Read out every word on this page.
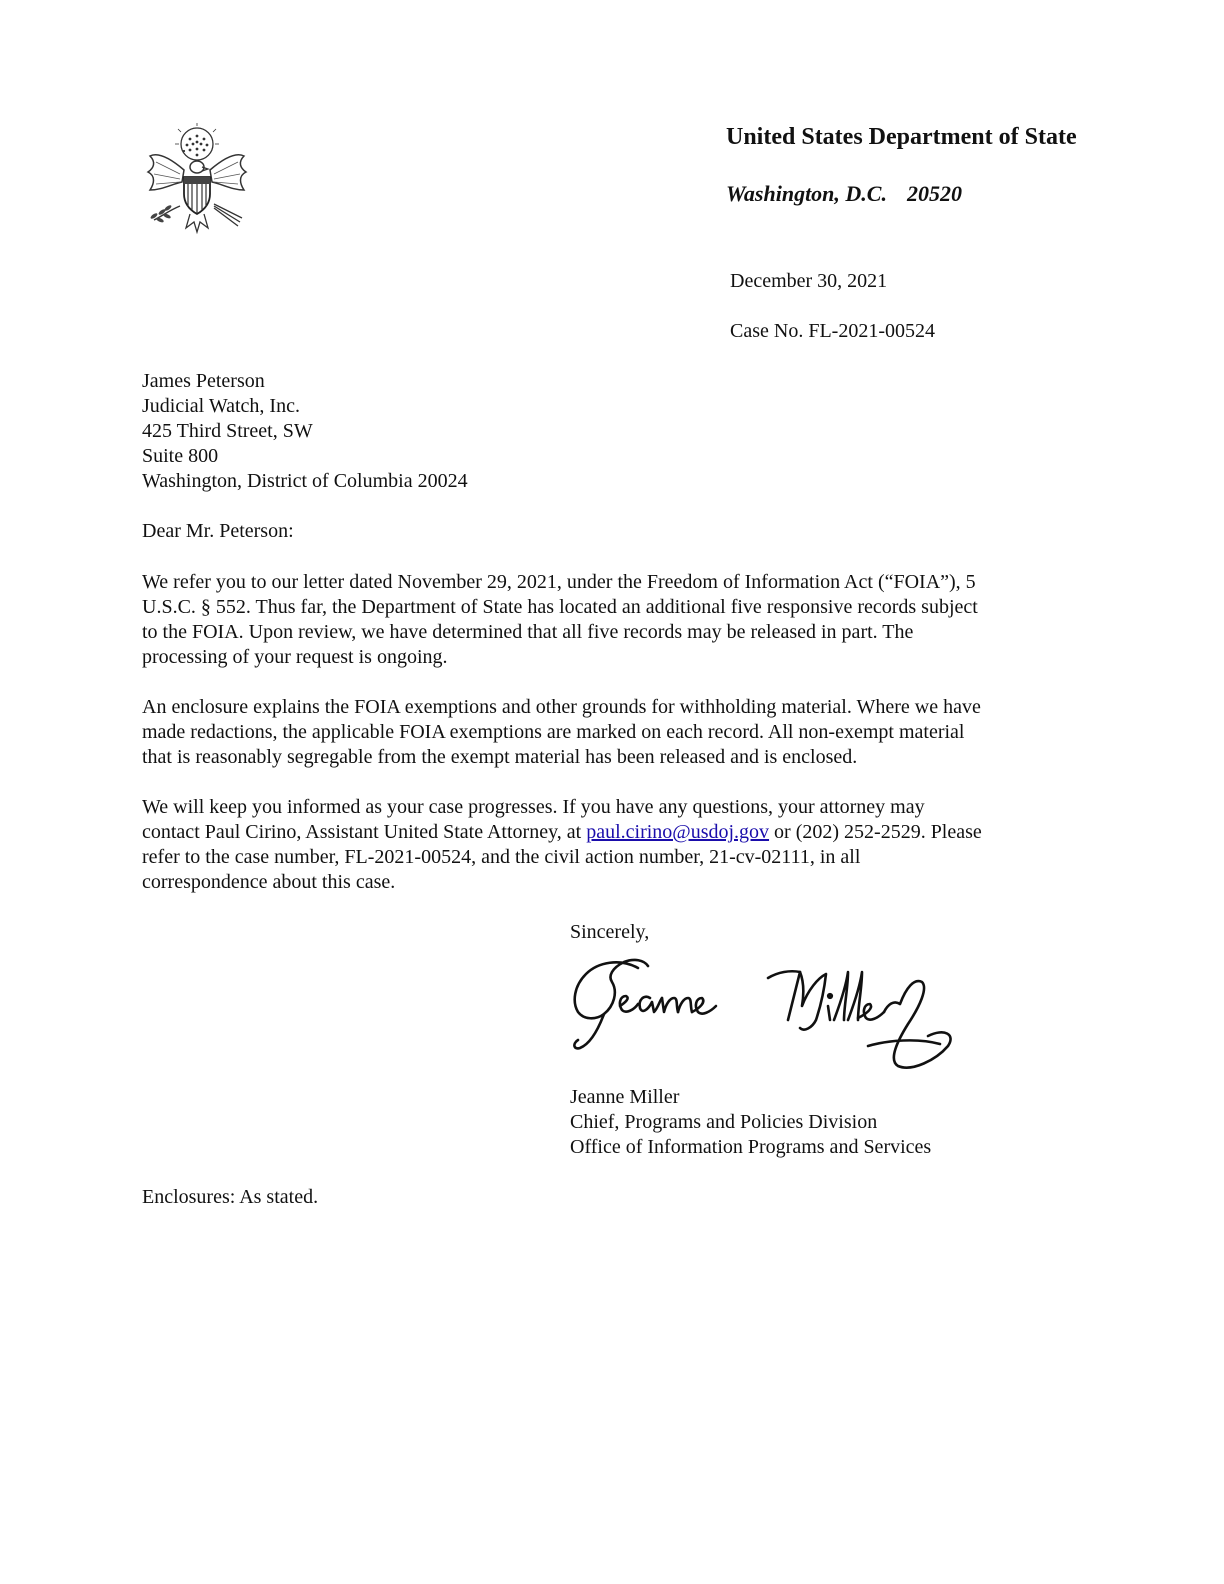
United States Department of State
Washington, D.C. 20520
December 30, 2021
Case No. FL-2021-00524
James Peterson
Judicial Watch, Inc.
425 Third Street, SW
Suite 800
Washington, District of Columbia 20024
Dear Mr. Peterson:
We refer you to our letter dated November 29, 2021, under the Freedom of Information Act (“FOIA”), 5
U.S.C. § 552. Thus far, the Department of State has located an additional five responsive records subject
to the FOIA. Upon review, we have determined that all five records may be released in part. The
processing of your request is ongoing.
An enclosure explains the FOIA exemptions and other grounds for withholding material. Where we have
made redactions, the applicable FOIA exemptions are marked on each record. All non-exempt material
that is reasonably segregable from the exempt material has been released and is enclosed.
We will keep you informed as your case progresses. If you have any questions, your attorney may
contact Paul Cirino, Assistant United State Attorney, at paul.cirino@usdoj.gov or (202) 252-2529. Please
refer to the case number, FL-2021-00524, and the civil action number, 21-cv-02111, in all
correspondence about this case.
Sincerely,
Jeanne Miller
Chief, Programs and Policies Division
Office of Information Programs and Services
Enclosures: As stated.
